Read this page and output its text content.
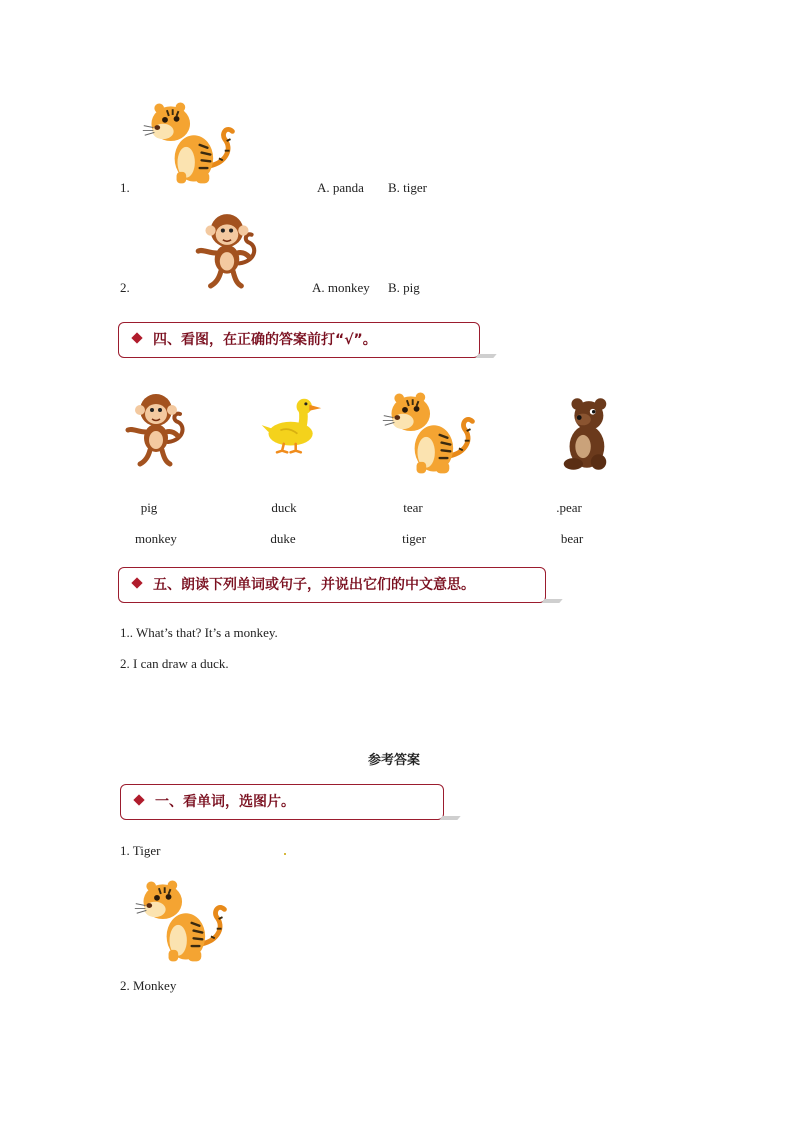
1.	A. panda B. tiger
2.	A. monkey B. pig
四、看图，在正确的答案前打“√”。
pig	duck	tear	.pear
monkey	duke	tiger	bear
五、朗读下列单词或句子，并说出它们的中文意思。
1.. What’s that? It’s a monkey.
2. I can draw a duck.
参考答案
一、看单词，选图片。
1. Tiger
2. Monkey
